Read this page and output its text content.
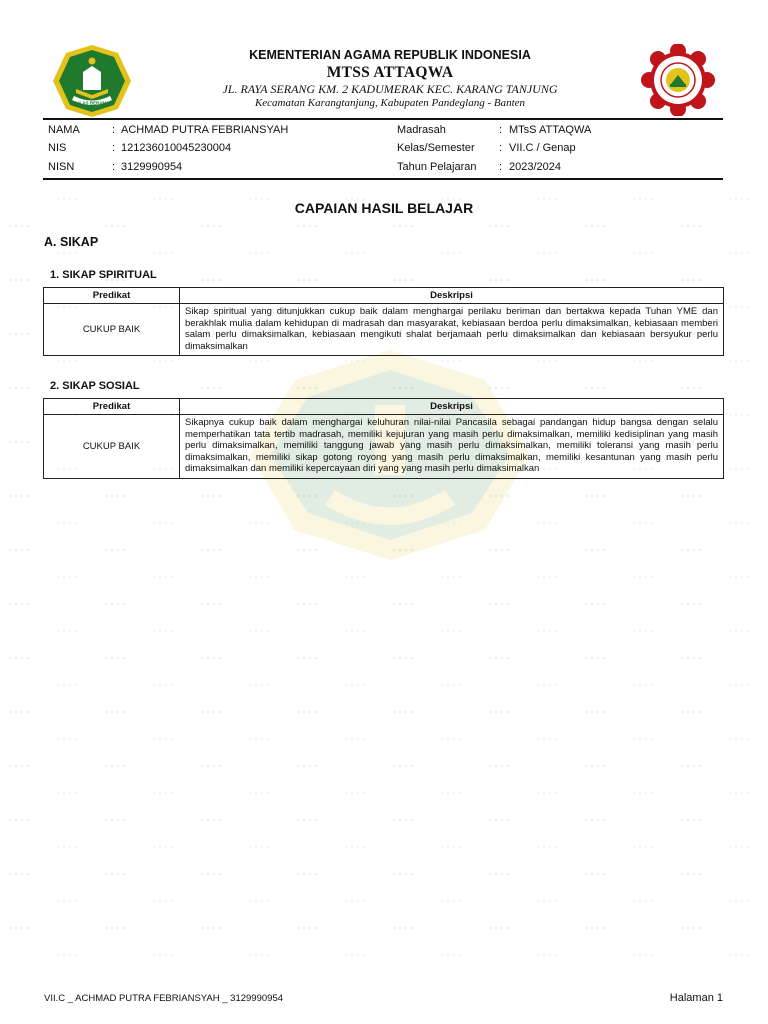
IKHLAS BERAMAL
KEMENTERIAN AGAMA REPUBLIK INDONESIA
MTSS ATTAQWA
JL. RAYA SERANG KM. 2 KADUMERAK KEC. KARANG TANJUNG
Kecamatan Karangtanjung, Kabupaten Pandeglang - Banten
NAMA	: ACHMAD PUTRA FEBRIANSYAH
NIS	: 121236010045230004
NISN	: 3129990954
Madrasah	: MTsS ATTAQWA
Kelas/Semester : VII.C / Genap
Tahun Pelajaran : 2023/2024
CAPAIAN HASIL BELAJAR
A. SIKAP
1. SIKAP SPIRITUAL
Predikat	Deskripsi
CUKUP BAIK	Sikap spiritual yang ditunjukkan cukup baik dalam menghargai perilaku beriman dan bertakwa kepada Tuhan YME dan berakhlak mulia dalam kehidupan di madrasah dan masyarakat, kebiasaan berdoa perlu dimaksimalkan, kebiasaan memberi salam perlu dimaksimalkan, kebiasaan mengikuti shalat berjamaah perlu dimaksimalkan dan kebiasaan bersyukur perlu dimaksimalkan
2. SIKAP SOSIAL
Predikat	Deskripsi
CUKUP BAIK	Sikapnya cukup baik dalam menghargai keluhuran nilai-nilai Pancasila sebagai pandangan hidup bangsa dengan selalu memperhatikan tata tertib madrasah, memiliki kejujuran yang masih perlu dimaksimalkan, memiliki kedisiplinan yang masih perlu dimaksimalkan, memiliki tanggung jawab yang masih perlu dimaksimalkan, memiliki toleransi yang masih perlu dimaksimalkan, memiliki sikap gotong royong yang masih perlu dimaksimalkan, memiliki kesantunan yang masih perlu dimaksimalkan dan memiliki kepercayaan diri yang yang masih perlu dimaksimalkan
VII.C _ ACHMAD PUTRA FEBRIANSYAH _ 3129990954	Halaman 1
